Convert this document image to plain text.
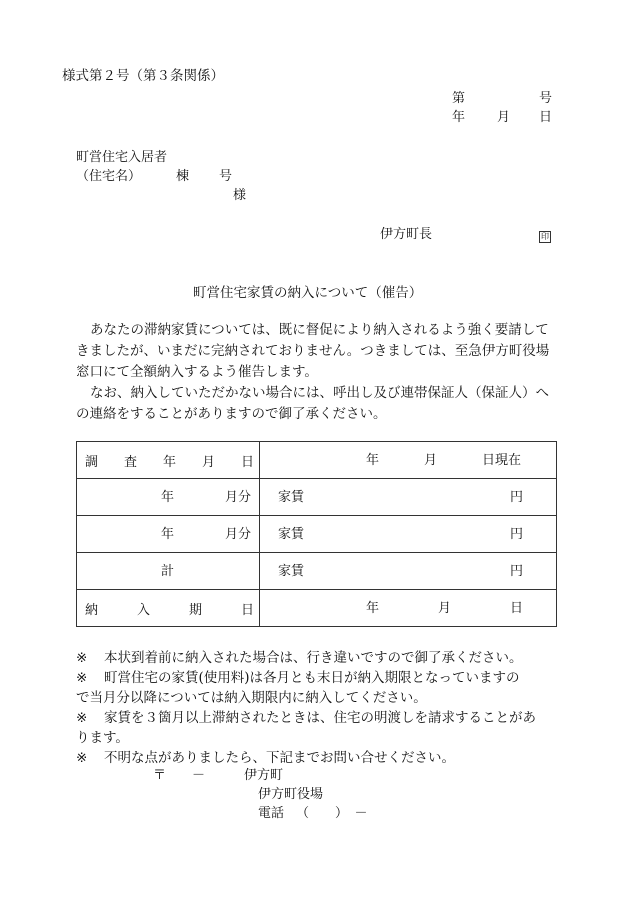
様式第２号（第３条関係）
第	号
年 月 日
町営住宅入居者
（住宅名）	棟 号
様
伊方町長	印
町営住宅家賃の納入について（催告）

あなたの滞納家賃については、既に督促により納入されるよう強く要請してきましたが、いまだに完納されておりません。つきましては、至急伊方町役場窓口にて全額納入するよう催告します。

なお、納入していただかない場合には、呼出し及び連帯保証人（保証人）への連絡をすることがありますので御了承ください。

調　　査　　年　　月　　日	年 月 日現在

年 月分	家賃 円

年 月分	家賃 円

計	家賃 円

納　　　入　　　期　　　日	年 月 日
※	本状到着前に納入された場合は、行き違いですので御了承ください。
※	町営住宅の家賃(使用料)は各月とも末日が納入期限となっていますの
で当月分以降については納入期限内に納入してください。
※	家賃を３箇月以上滞納されたときは、住宅の明渡しを請求することがあ
ります。
※	不明な点がありましたら、下記までお問い合せください。
〒　　－	伊方町
伊方町役場
電話 （　　）　－
